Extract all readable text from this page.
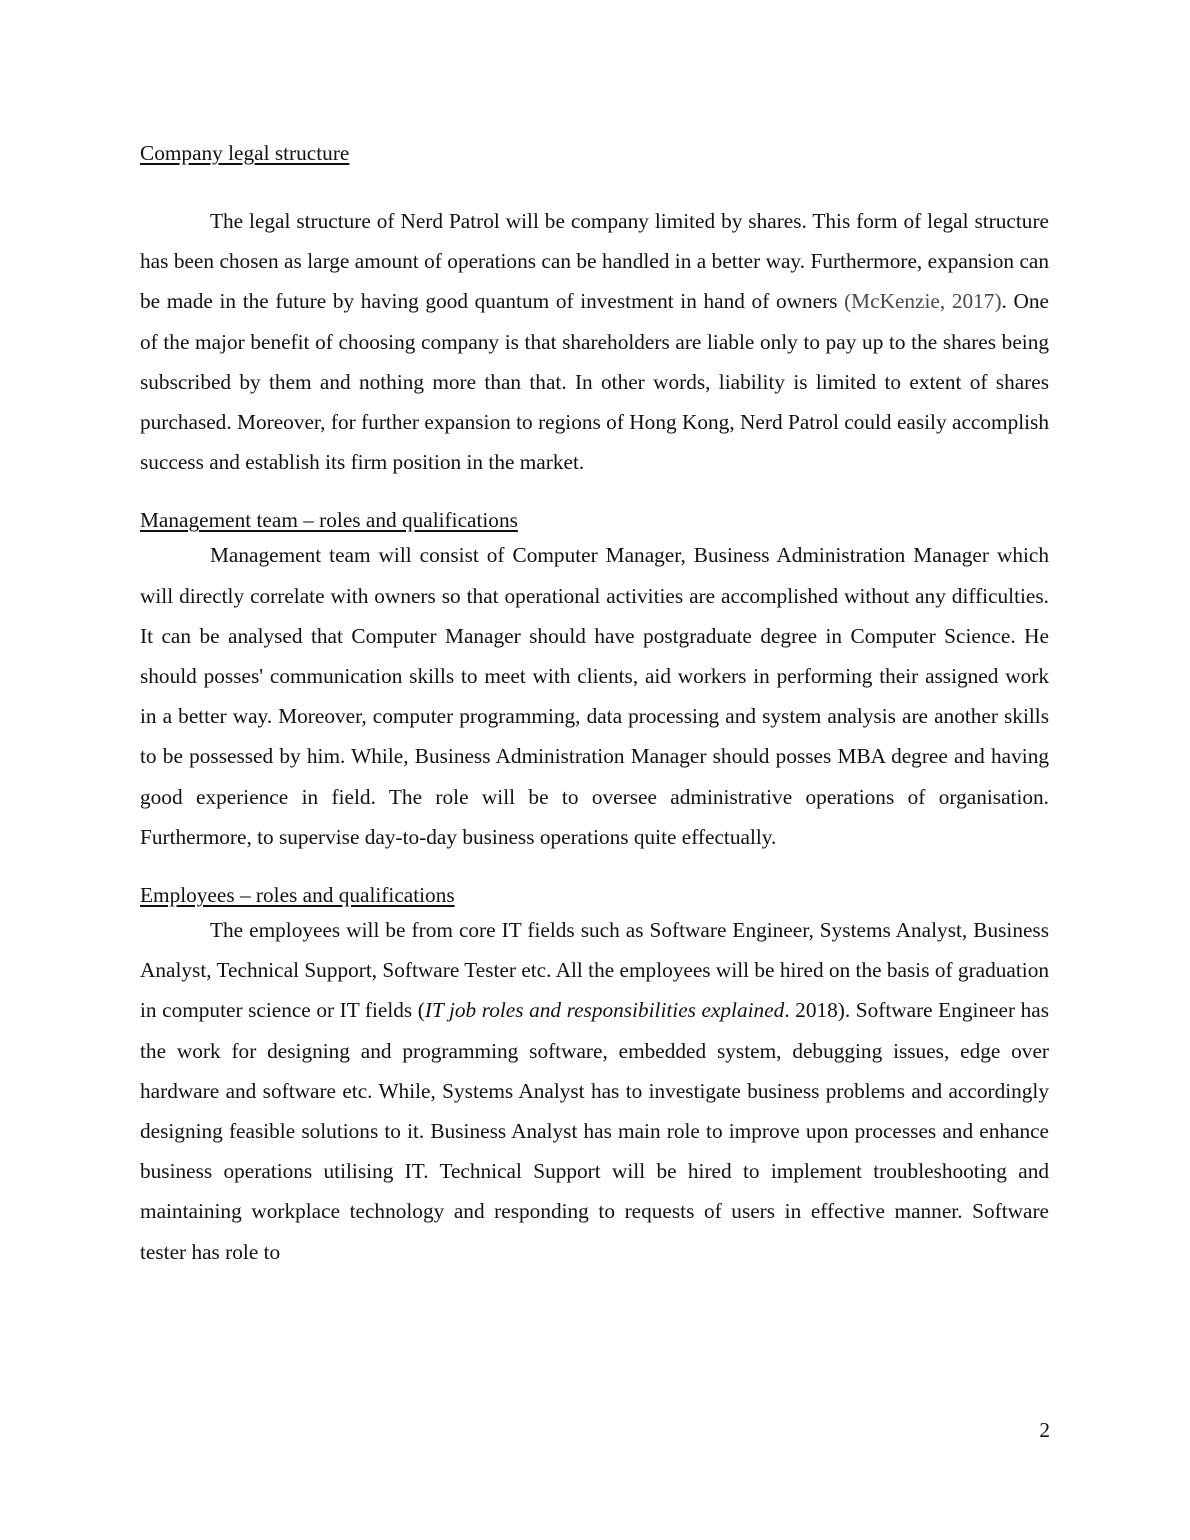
Company legal structure

The legal structure of Nerd Patrol will be company limited by shares. This form of legal structure has been chosen as large amount of operations can be handled in a better way. Furthermore, expansion can be made in the future by having good quantum of investment in hand of owners (McKenzie, 2017). One of the major benefit of choosing company is that shareholders are liable only to pay up to the shares being subscribed by them and nothing more than that. In other words, liability is limited to extent of shares purchased. Moreover, for further expansion to regions of Hong Kong, Nerd Patrol could easily accomplish success and establish its firm position in the market.

Management team – roles and qualifications

Management team will consist of Computer Manager, Business Administration Manager which will directly correlate with owners so that operational activities are accomplished without any difficulties. It can be analysed that Computer Manager should have postgraduate degree in Computer Science. He should posses' communication skills to meet with clients, aid workers in performing their assigned work in a better way. Moreover, computer programming, data processing and system analysis are another skills to be possessed by him. While, Business Administration Manager should posses MBA degree and having good experience in field. The role will be to oversee administrative operations of organisation. Furthermore, to supervise day-to-day business operations quite effectually.

Employees – roles and qualifications

The employees will be from core IT fields such as Software Engineer, Systems Analyst, Business Analyst, Technical Support, Software Tester etc. All the employees will be hired on the basis of graduation in computer science or IT fields (IT job roles and responsibilities explained. 2018). Software Engineer has the work for designing and programming software, embedded system, debugging issues, edge over hardware and software etc. While, Systems Analyst has to investigate business problems and accordingly designing feasible solutions to it. Business Analyst has main role to improve upon processes and enhance business operations utilising IT. Technical Support will be hired to implement troubleshooting and maintaining workplace technology and responding to requests of users in effective manner. Software tester has role to

2
